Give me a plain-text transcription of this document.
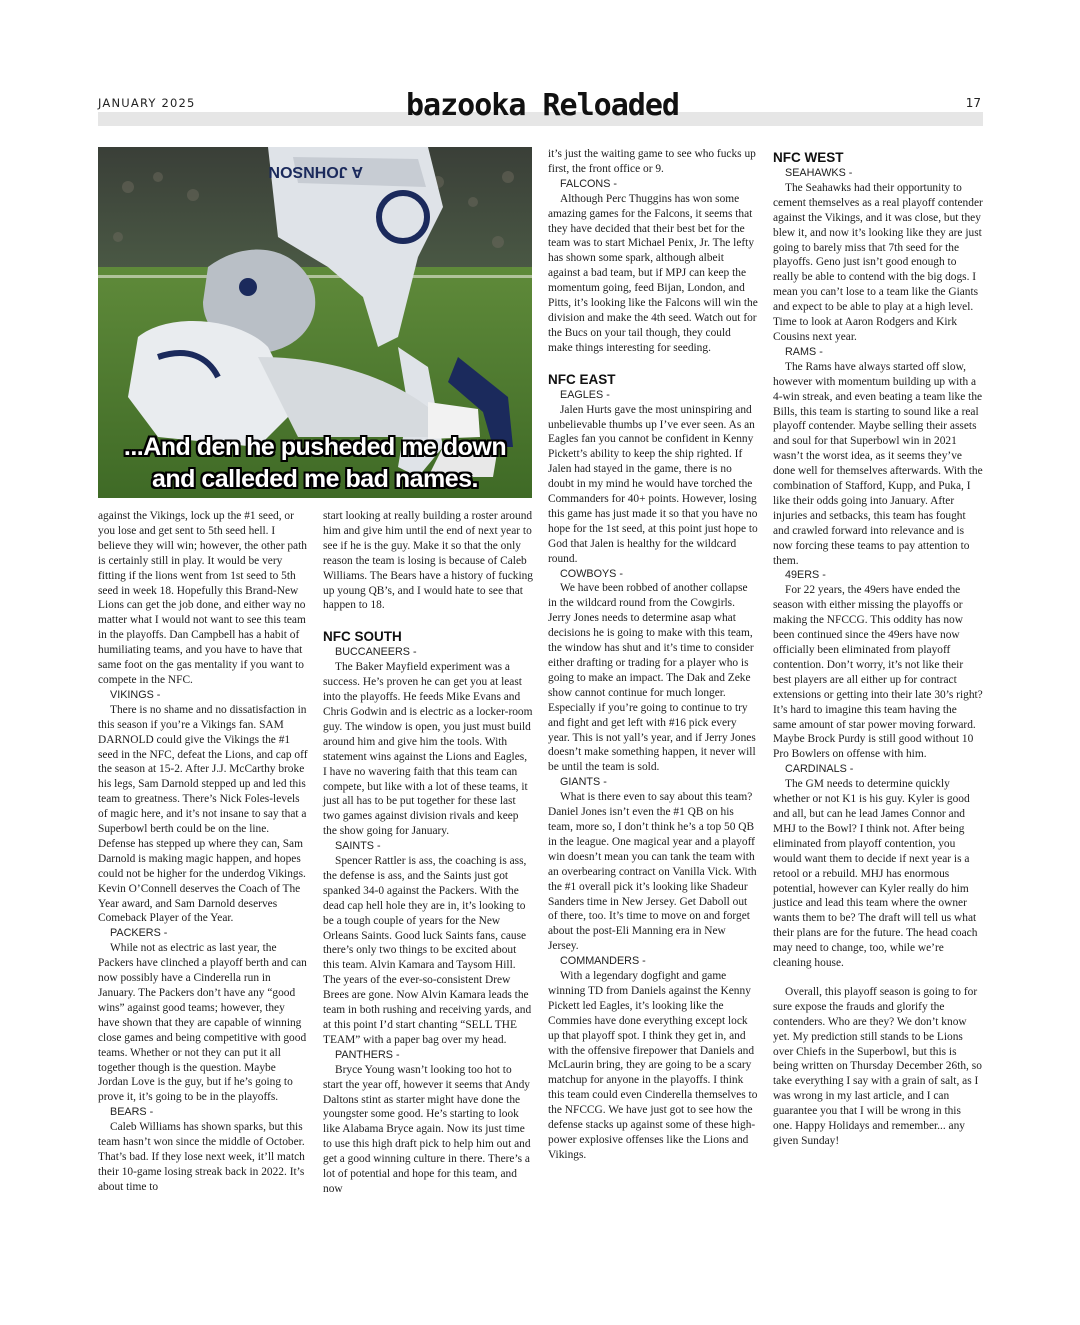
JANUARY 2025	bazooka Reloaded	17
A JOHNSON
...And den he pusheded me down
and calleded me bad names.

against the Vikings, lock up the #1 seed, or you lose and get sent to 5th seed hell. I believe they will win; however, the other path is certainly still in play. It would be very fitting if the lions went from 1st seed to 5th seed in week 18. Hopefully this Brand-New Lions can get the job done, and either way no matter what I would not want to see this team in the playoffs. Dan Campbell has a habit of humiliating teams, and you have to have that same foot on the gas mentality if you want to compete in the NFC.

VIKINGS -

There is no shame and no dissatisfaction in this season if you’re a Vikings fan. SAM DARNOLD could give the Vikings the #1 seed in the NFC, defeat the Lions, and cap off the season at 15-2. After J.J. McCarthy broke his legs, Sam Darnold stepped up and led this team to greatness. There’s Nick Foles-levels of magic here, and it’s not insane to say that a Superbowl berth could be on the line. Defense has stepped up where they can, Sam Darnold is making magic happen, and hopes could not be higher for the underdog Vikings. Kevin O’Connell deserves the Coach of The Year award, and Sam Darnold deserves Comeback Player of the Year.

PACKERS -

While not as electric as last year, the Packers have clinched a playoff berth and can now possibly have a Cinderella run in January. The Packers don’t have any “good wins” against good teams; however, they have shown that they are capable of winning close games and being competitive with good teams. Whether or not they can put it all together though is the question. Maybe Jordan Love is the guy, but if he’s going to prove it, it’s going to be in the playoffs.

BEARS -

Caleb Williams has shown sparks, but this team hasn’t won since the middle of October. That’s bad. If they lose next week, it’ll match their 10-game losing streak back in 2022. It’s about time to

start looking at really building a roster around him and give him until the end of next year to see if he is the guy. Make it so that the only reason the team is losing is because of Caleb Williams. The Bears have a history of fucking up young QB’s, and I would hate to see that happen to 18.

NFC SOUTH
BUCCANEERS -

The Baker Mayfield experiment was a success. He’s proven he can get you at least into the playoffs. He feeds Mike Evans and Chris Godwin and is electric as a locker-room guy. The window is open, you just must build around him and give him the tools. With statement wins against the Lions and Eagles, I have no wavering faith that this team can compete, but like with a lot of these teams, it just all has to be put together for these last two games against division rivals and keep the show going for January.

SAINTS -

Spencer Rattler is ass, the coaching is ass, the defense is ass, and the Saints just got spanked 34-0 against the Packers. With the dead cap hell hole they are in, it’s looking to be a tough couple of years for the New Orleans Saints. Good luck Saints fans, cause there’s only two things to be excited about this team. Alvin Kamara and Taysom Hill. The years of the ever-so-consistent Drew Brees are gone. Now Alvin Kamara leads the team in both rushing and receiving yards, and at this point I’d start chanting “SELL THE TEAM” with a paper bag over my head.

PANTHERS -

Bryce Young wasn’t looking too hot to start the year off, however it seems that Andy Daltons stint as starter might have done the youngster some good. He’s starting to look like Alabama Bryce again. Now its just time to use this high draft pick to help him out and get a good winning culture in there. There’s a lot of potential and hope for this team, and now

it’s just the waiting game to see who fucks up first, the front office or 9.

FALCONS -

Although Perc Thuggins has won some amazing games for the Falcons, it seems that they have decided that their best bet for the team was to start Michael Penix, Jr. The lefty has shown some spark, although albeit against a bad team, but if MPJ can keep the momentum going, feed Bijan, London, and Pitts, it’s looking like the Falcons will win the division and make the 4th seed. Watch out for the Bucs on your tail though, they could make things interesting for seeding.

NFC EAST
EAGLES -

Jalen Hurts gave the most uninspiring and unbelievable thumbs up I’ve ever seen. As an Eagles fan you cannot be confident in Kenny Pickett’s ability to keep the ship righted. If Jalen had stayed in the game, there is no doubt in my mind he would have torched the Commanders for 40+ points. However, losing this game has just made it so that you have no hope for the 1st seed, at this point just hope to God that Jalen is healthy for the wildcard round.

COWBOYS -

We have been robbed of another collapse in the wildcard round from the Cowgirls. Jerry Jones needs to determine asap what decisions he is going to make with this team, the window has shut and it’s time to consider either drafting or trading for a player who is going to make an impact. The Dak and Zeke show cannot continue for much longer. Especially if you’re going to continue to try and fight and get left with #16 pick every year. This is not yall’s year, and if Jerry Jones doesn’t make something happen, it never will be until the team is sold.

GIANTS -

What is there even to say about this team? Daniel Jones isn’t even the #1 QB on his team, more so, I don’t think he’s a top 50 QB in the league. One magical year and a playoff win doesn’t mean you can tank the team with an overbearing contract on Vanilla Vick. With the #1 overall pick it’s looking like Shadeur Sanders time in New Jersey. Get Daboll out of there, too. It’s time to move on and forget about the post-Eli Manning era in New Jersey.

COMMANDERS -

With a legendary dogfight and game winning TD from Daniels against the Kenny Pickett led Eagles, it’s looking like the Commies have done everything except lock up that playoff spot. I think they get in, and with the offensive firepower that Daniels and McLaurin bring, they are going to be a scary matchup for anyone in the playoffs. I think this team could even Cinderella themselves to the NFCCG. We have just got to see how the defense stacks up against some of these high-power explosive offenses like the Lions and Vikings.

NFC WEST
SEAHAWKS -

The Seahawks had their opportunity to cement themselves as a real playoff contender against the Vikings, and it was close, but they blew it, and now it’s looking like they are just going to barely miss that 7th seed for the playoffs. Geno just isn’t good enough to really be able to contend with the big dogs. I mean you can’t lose to a team like the Giants and expect to be able to play at a high level. Time to look at Aaron Rodgers and Kirk Cousins next year.

RAMS -

The Rams have always started off slow, however with momentum building up with a 4-win streak, and even beating a team like the Bills, this team is starting to sound like a real playoff contender. Maybe selling their assets and soul for that Superbowl win in 2021 wasn’t the worst idea, as it seems they’ve done well for themselves afterwards. With the combination of Stafford, Kupp, and Puka, I like their odds going into January. After injuries and setbacks, this team has fought and crawled forward into relevance and is now forcing these teams to pay attention to them.

49ERS -

For 22 years, the 49ers have ended the season with either missing the playoffs or making the NFCCG. This oddity has now been continued since the 49ers have now officially been eliminated from playoff contention. Don’t worry, it’s not like their best players are all either up for contract extensions or getting into their late 30’s right? It’s hard to imagine this team having the same amount of star power moving forward. Maybe Brock Purdy is still good without 10 Pro Bowlers on offense with him.

CARDINALS -

The GM needs to determine quickly whether or not K1 is his guy. Kyler is good and all, but can he lead James Connor and MHJ to the Bowl? I think not. After being eliminated from playoff contention, you would want them to decide if next year is a retool or a rebuild. MHJ has enormous potential, however can Kyler really do him justice and lead this team where the owner wants them to be? The draft will tell us what their plans are for the future. The head coach may need to change, too, while we’re cleaning house.

Overall, this playoff season is going to for sure expose the frauds and glorify the contenders. Who are they? We don’t know yet. My prediction still stands to be Lions over Chiefs in the Superbowl, but this is being written on Thursday December 26th, so take everything I say with a grain of salt, as I was wrong in my last article, and I can guarantee you that I will be wrong in this one. Happy Holidays and remember... any given Sunday!
